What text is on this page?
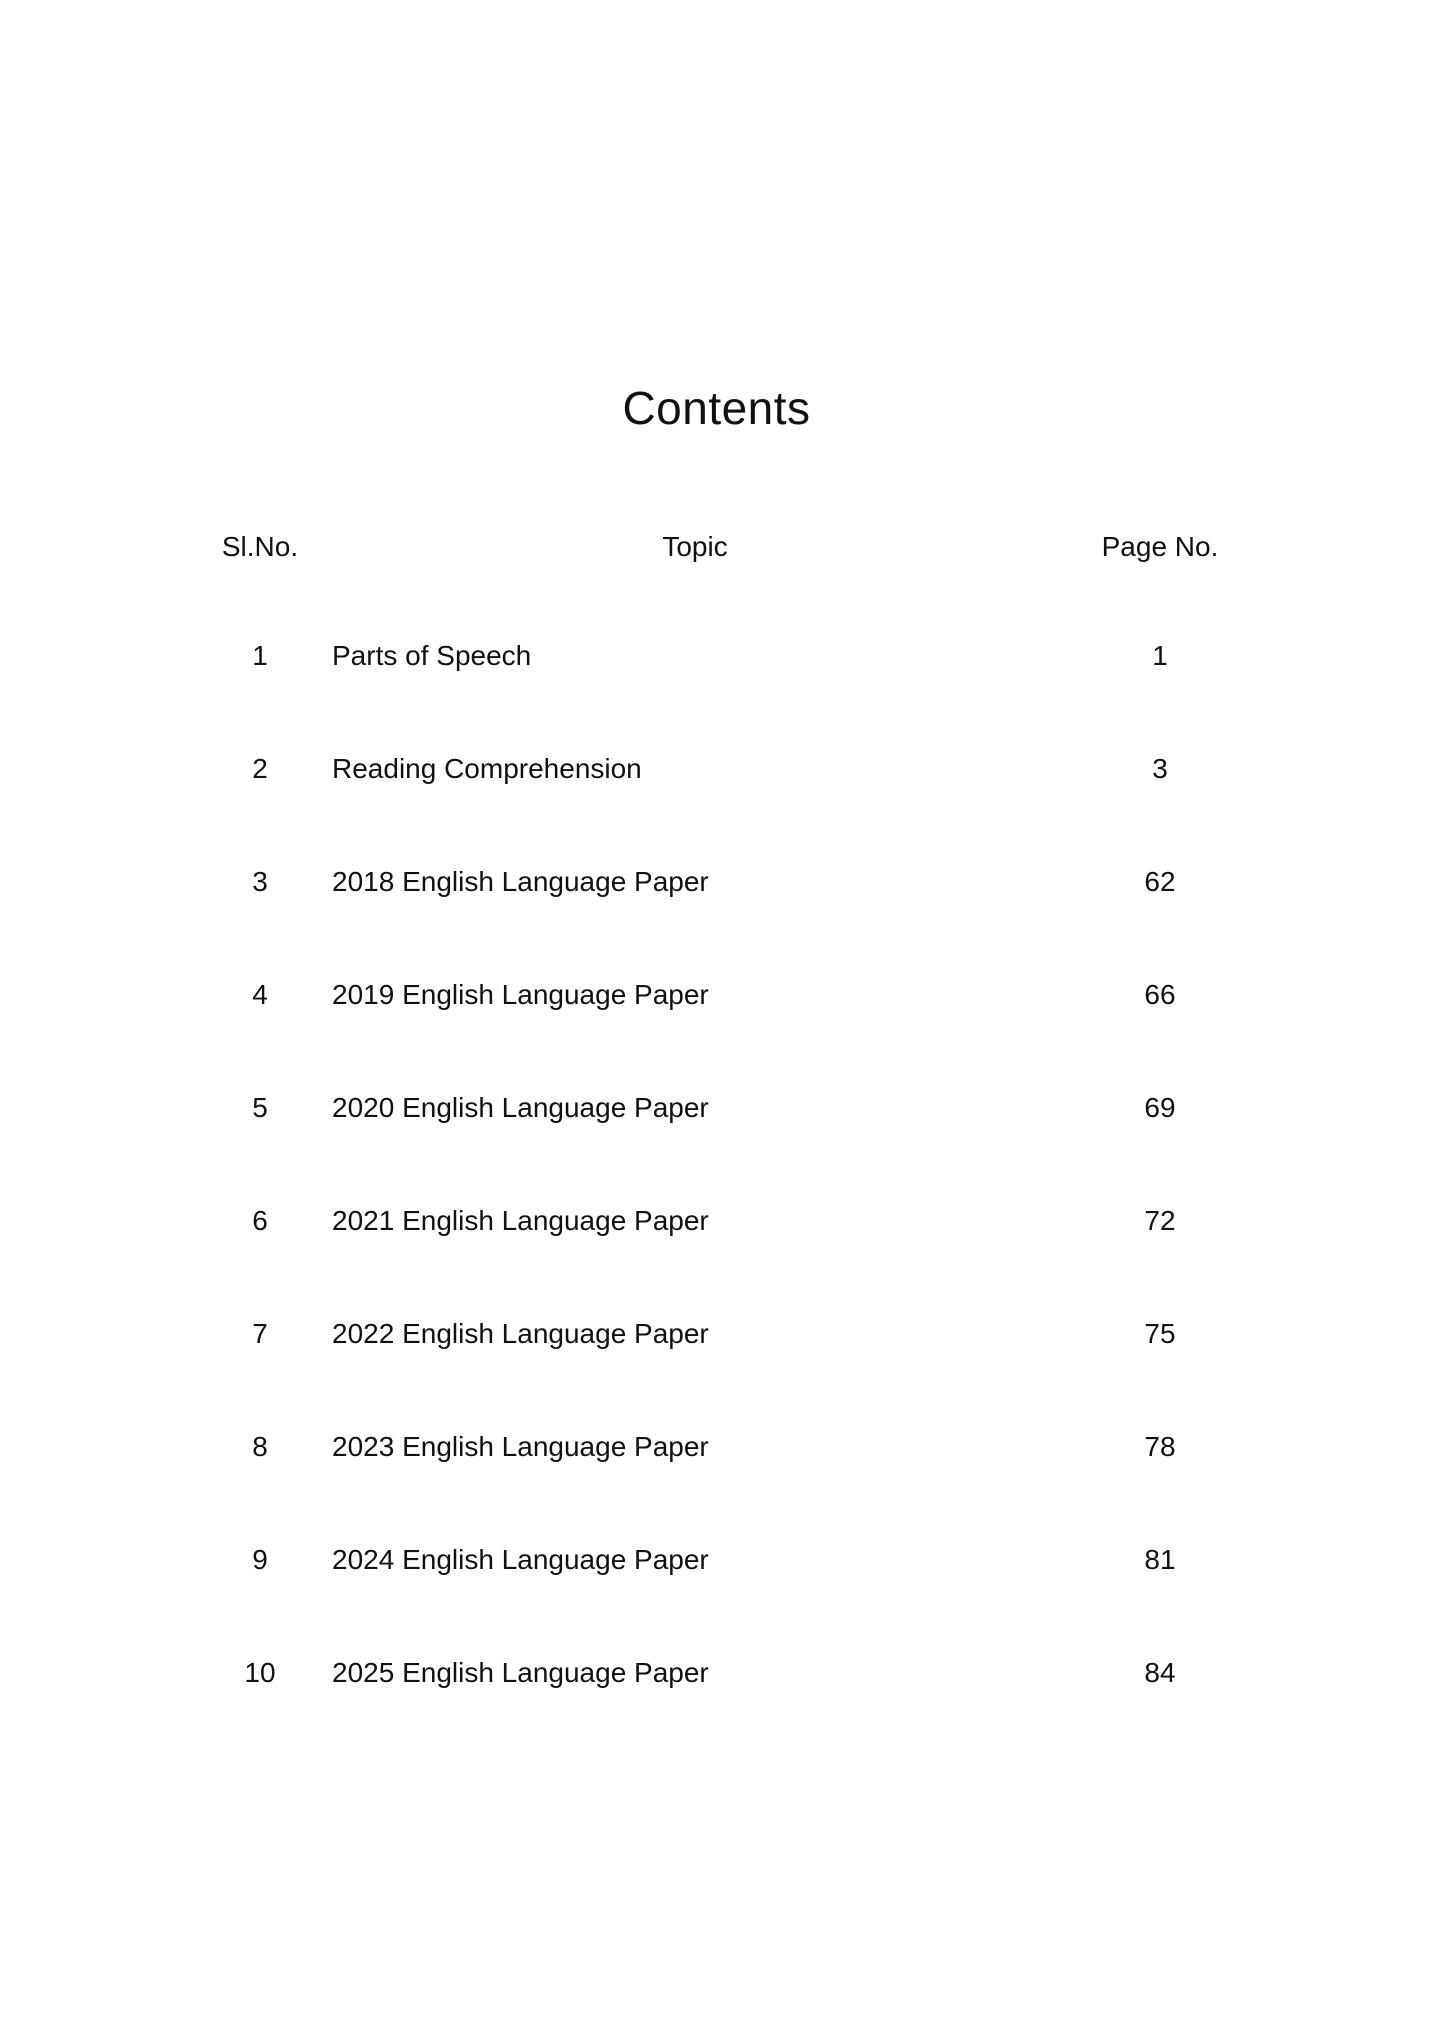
Contents
Sl.No.	Topic	Page No.
1	Parts of Speech	1
2	Reading Comprehension	3
3	2018 English Language Paper	62
4	2019 English Language Paper	66
5	2020 English Language Paper	69
6	2021 English Language Paper	72
7	2022 English Language Paper	75
8	2023 English Language Paper	78
9	2024 English Language Paper	81
10	2025 English Language Paper	84
